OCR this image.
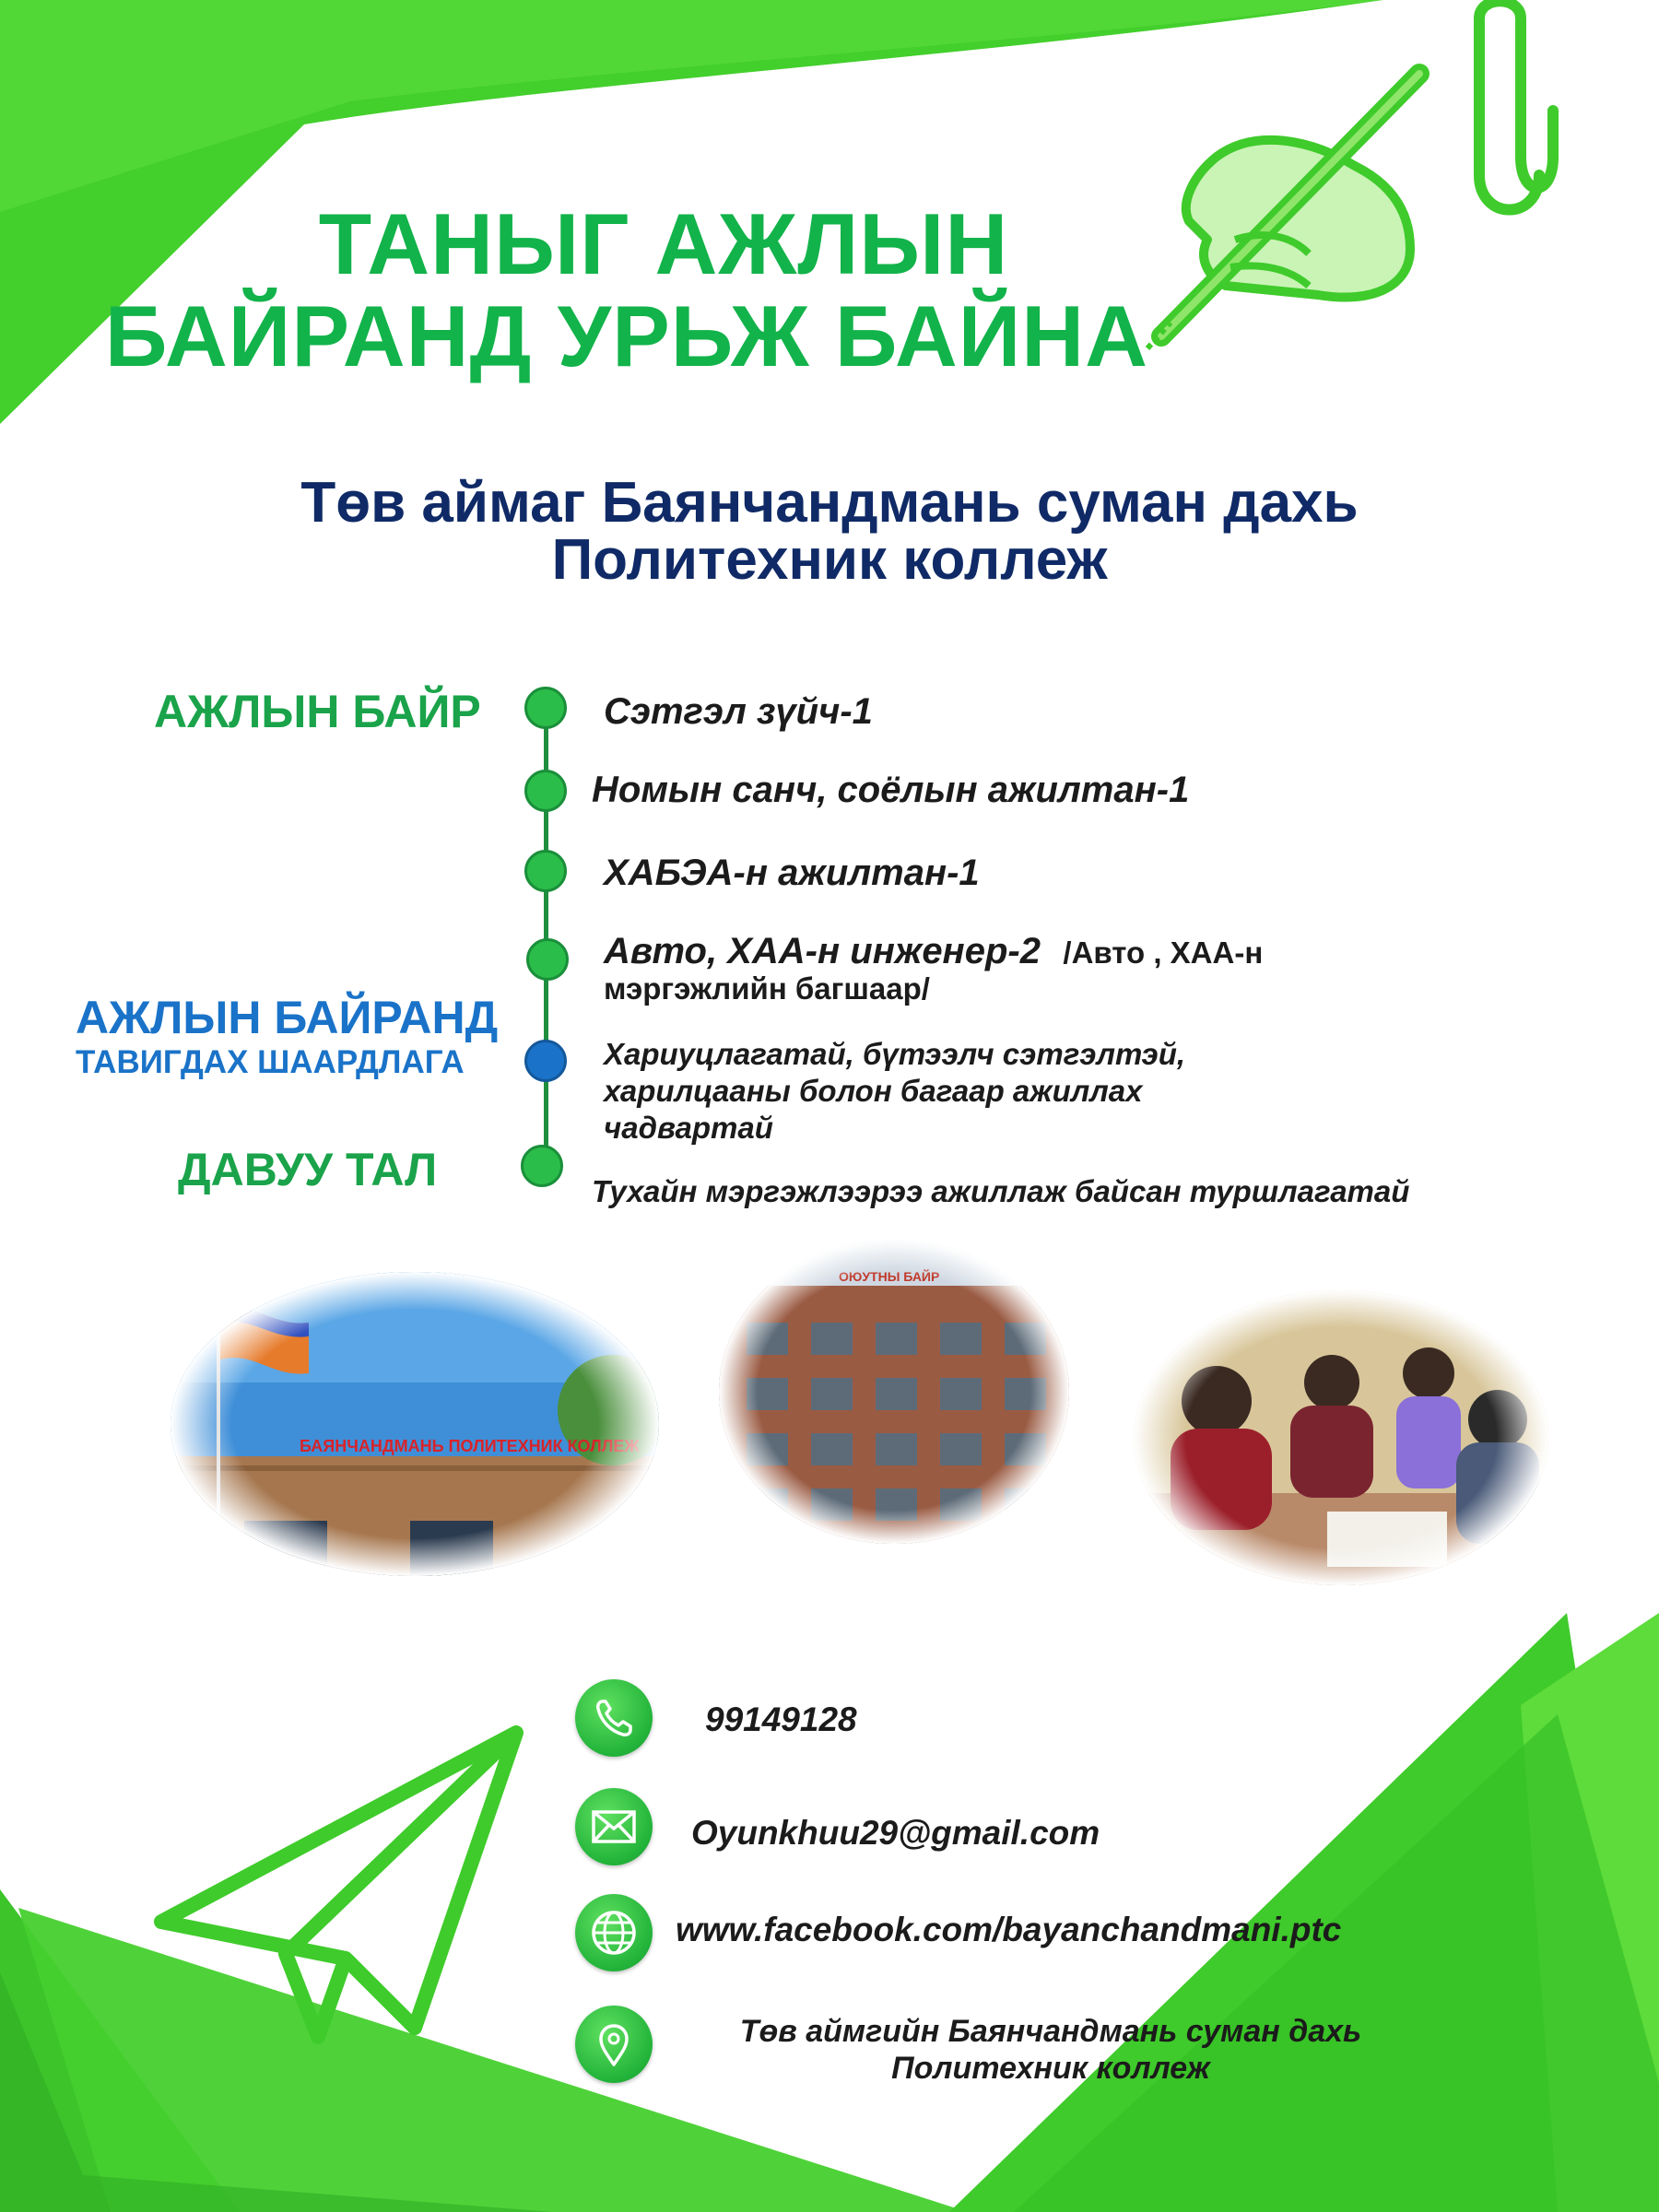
ТАНЫГ АЖЛЫН
БАЙРАНД УРЬЖ БАЙНА
Төв аймаг Баянчандмань суман дахь
Политехник коллеж
АЖЛЫН БАЙР
АЖЛЫН БАЙРАНД
ТАВИГДАХ ШААРДЛАГА
ДАВУУ ТАЛ
Сэтгэл зүйч-1
Номын санч, соёлын ажилтан-1
ХАБЭА-н ажилтан-1
Авто, ХАА-н инженер-2 /Авто , ХАА-н
мэргэжлийн багшаар/
Хариуцлагатай, бүтээлч сэтгэлтэй,
харилцааны болон багаар ажиллах
чадвартай
Тухайн мэргэжлээрээ ажиллаж байсан туршлагатай
99149128
Oyunkhuu29@gmail.com
www.facebook.com/bayanchandmani.ptc
Төв аймгийн Баянчандмань суман дахь
Политехник коллеж
